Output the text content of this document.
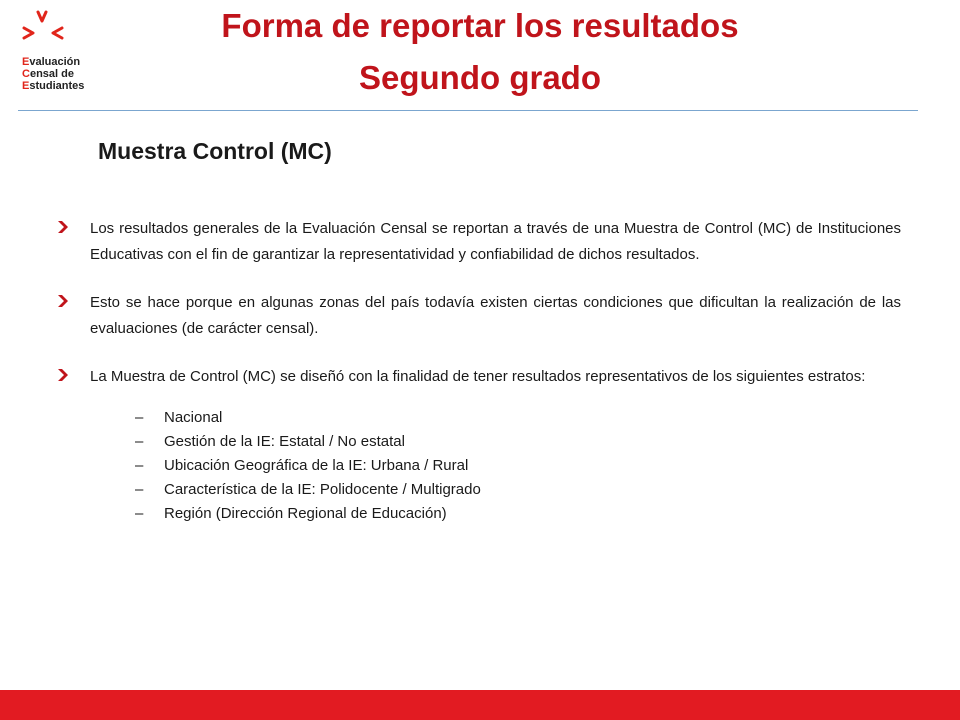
Evaluación
Censal de
Estudiantes
Forma de reportar los resultados
Segundo grado
Muestra Control (MC)

Los resultados generales de la Evaluación Censal se reportan a través de una Muestra de Control (MC) de Instituciones Educativas con el fin de garantizar la representatividad y confiabilidad de dichos resultados.

Esto se hace porque en algunas zonas del país todavía existen ciertas condiciones que dificultan la realización de las evaluaciones (de carácter censal).

La Muestra de Control (MC) se diseñó con la finalidad de tener resultados representativos de los siguientes estratos:

– Nacional
– Gestión de la IE: Estatal / No estatal
– Ubicación Geográfica de la IE: Urbana / Rural
– Característica de la IE: Polidocente / Multigrado
– Región (Dirección Regional de Educación)
